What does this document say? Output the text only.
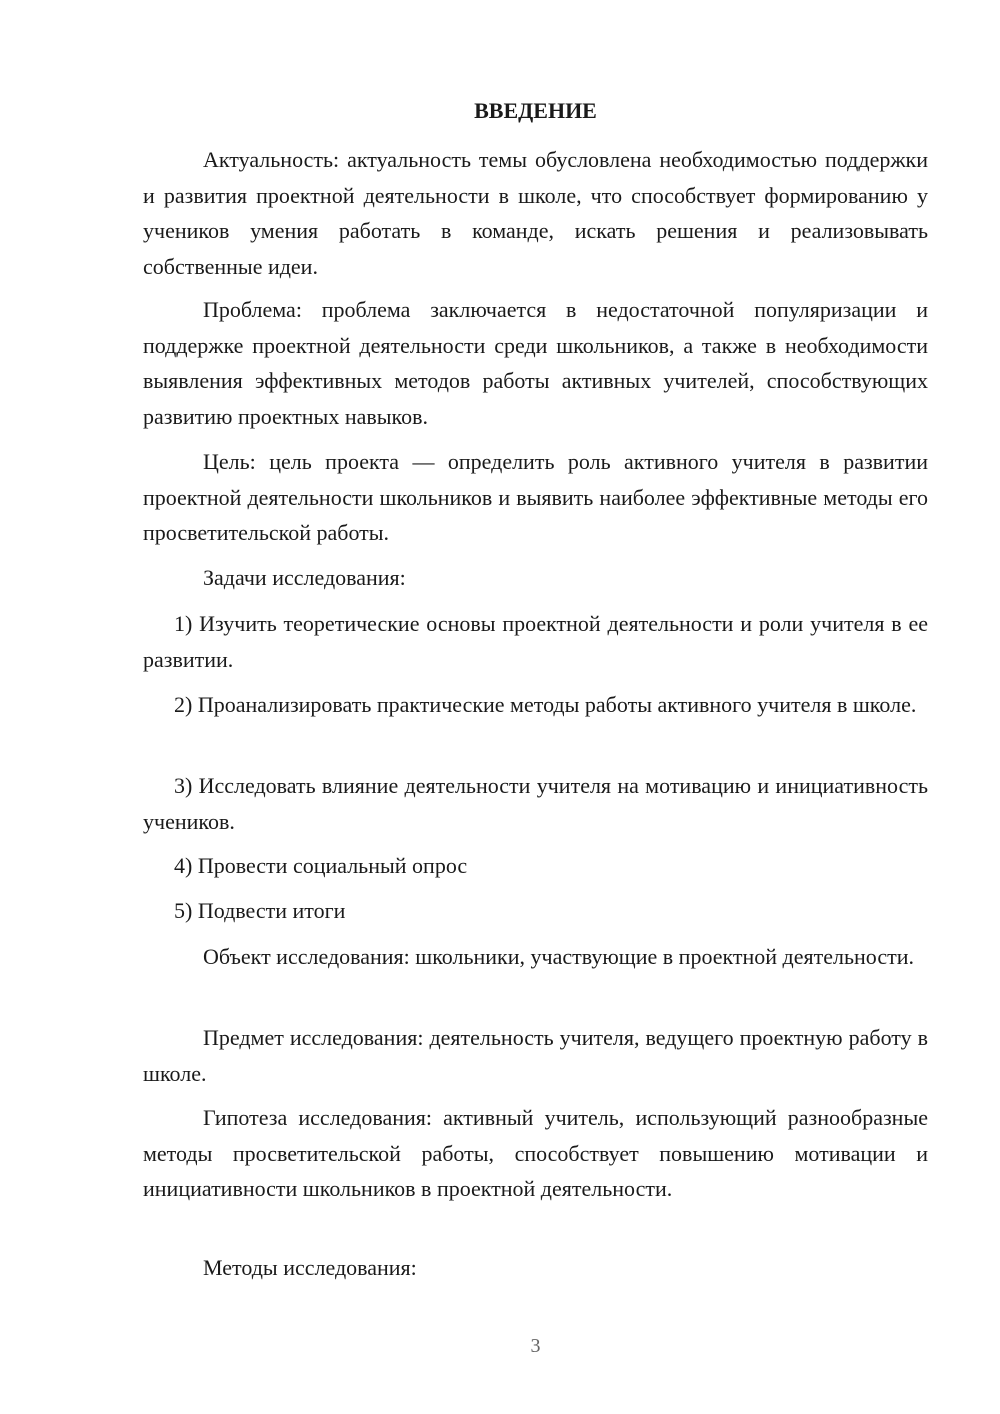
ВВЕДЕНИЕ

Актуальность: актуальность темы обусловлена необходимостью поддержки и развития проектной деятельности в школе, что способствует формированию у учеников умения работать в команде, искать решения и реализовывать собственные идеи.

Проблема: проблема заключается в недостаточной популяризации и поддержке проектной деятельности среди школьников, а также в необходимости выявления эффективных методов работы активных учителей, способствующих развитию проектных навыков.

Цель: цель проекта — определить роль активного учителя в развитии проектной деятельности школьников и выявить наиболее эффективные методы его просветительской работы.

Задачи исследования:

1) Изучить теоретические основы проектной деятельности и роли учителя в ее развитии.

2) Проанализировать практические методы работы активного учителя в школе.

3) Исследовать влияние деятельности учителя на мотивацию и инициативность учеников.

4) Провести социальный опрос

5) Подвести итоги

Объект исследования: школьники, участвующие в проектной деятельности.

Предмет исследования: деятельность учителя, ведущего проектную работу в школе.

Гипотеза исследования: активный учитель, использующий разнообразные методы просветительской работы, способствует повышению мотивации и инициативности школьников в проектной деятельности.

Методы исследования:

3
